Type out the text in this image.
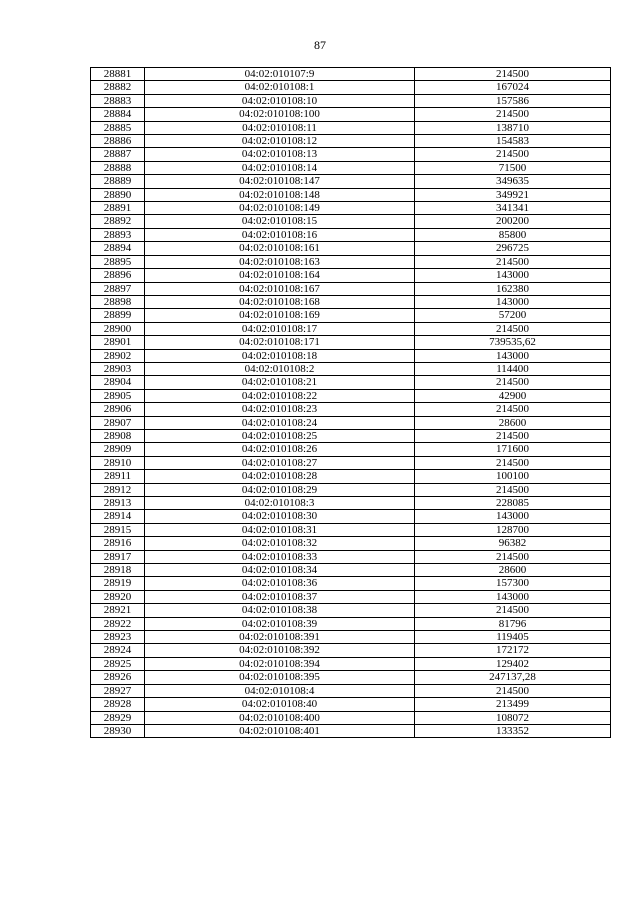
87
28881	04:02:010107:9	214500
28882	04:02:010108:1	167024
28883	04:02:010108:10	157586
28884	04:02:010108:100	214500
28885	04:02:010108:11	138710
28886	04:02:010108:12	154583
28887	04:02:010108:13	214500
28888	04:02:010108:14	71500
28889	04:02:010108:147	349635
28890	04:02:010108:148	349921
28891	04:02:010108:149	341341
28892	04:02:010108:15	200200
28893	04:02:010108:16	85800
28894	04:02:010108:161	296725
28895	04:02:010108:163	214500
28896	04:02:010108:164	143000
28897	04:02:010108:167	162380
28898	04:02:010108:168	143000
28899	04:02:010108:169	57200
28900	04:02:010108:17	214500
28901	04:02:010108:171	739535,62
28902	04:02:010108:18	143000
28903	04:02:010108:2	114400
28904	04:02:010108:21	214500
28905	04:02:010108:22	42900
28906	04:02:010108:23	214500
28907	04:02:010108:24	28600
28908	04:02:010108:25	214500
28909	04:02:010108:26	171600
28910	04:02:010108:27	214500
28911	04:02:010108:28	100100
28912	04:02:010108:29	214500
28913	04:02:010108:3	228085
28914	04:02:010108:30	143000
28915	04:02:010108:31	128700
28916	04:02:010108:32	96382
28917	04:02:010108:33	214500
28918	04:02:010108:34	28600
28919	04:02:010108:36	157300
28920	04:02:010108:37	143000
28921	04:02:010108:38	214500
28922	04:02:010108:39	81796
28923	04:02:010108:391	119405
28924	04:02:010108:392	172172
28925	04:02:010108:394	129402
28926	04:02:010108:395	247137,28
28927	04:02:010108:4	214500
28928	04:02:010108:40	213499
28929	04:02:010108:400	108072
28930	04:02:010108:401	133352
